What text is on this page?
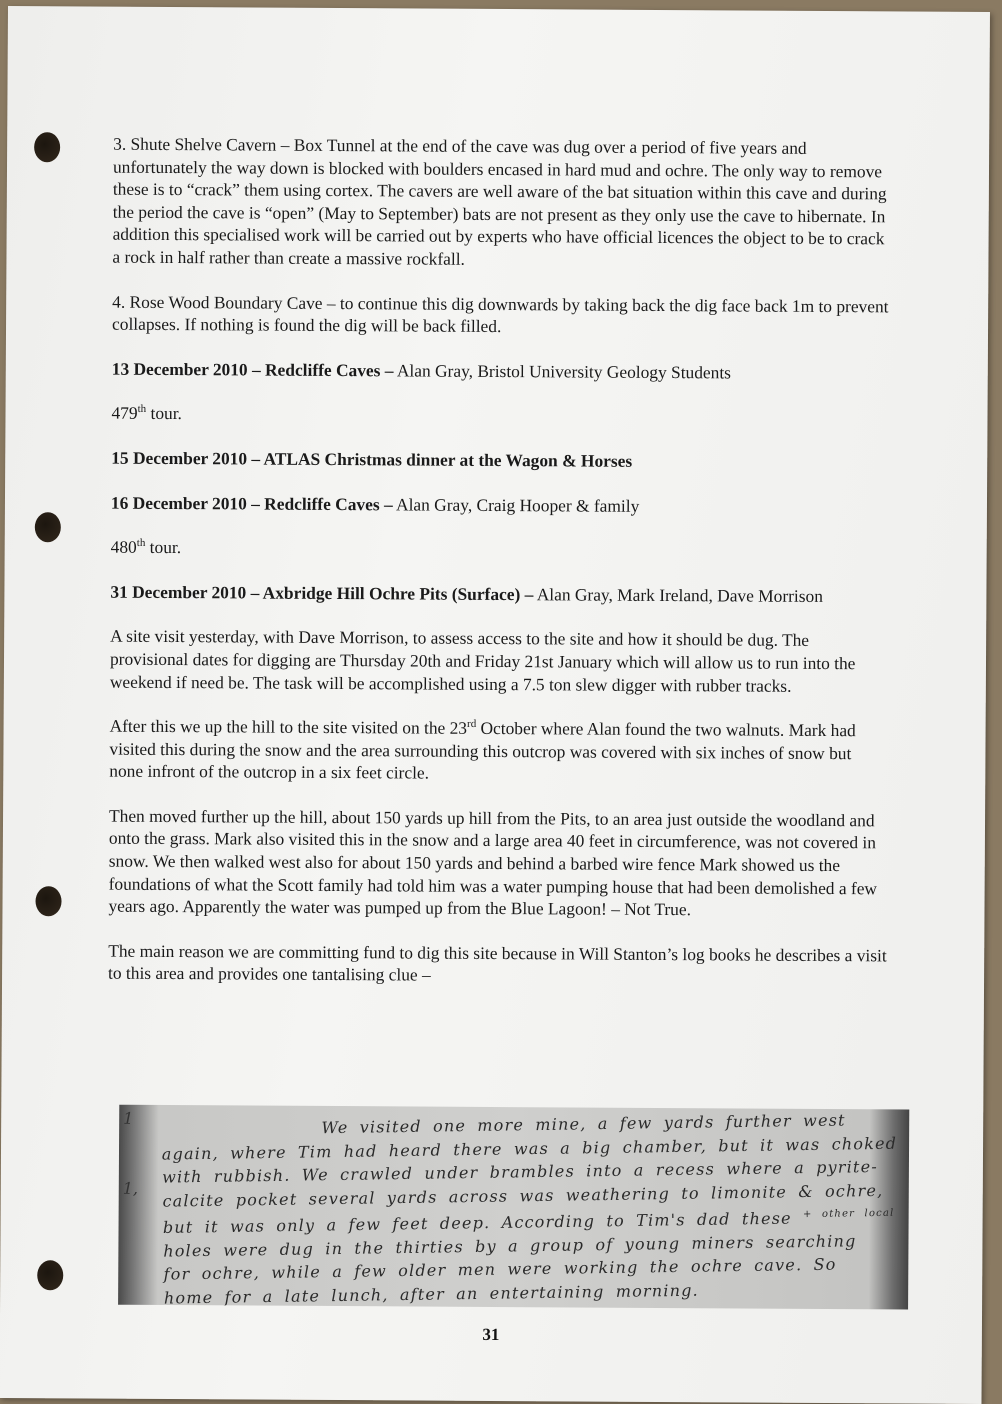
3. Shute Shelve Cavern – Box Tunnel at the end of the cave was dug over a period of five years and unfortunately the way down is blocked with boulders encased in hard mud and ochre. The only way to remove these is to “crack” them using cortex. The cavers are well aware of the bat situation within this cave and during the period the cave is “open” (May to September) bats are not present as they only use the cave to hibernate. In addition this specialised work will be carried out by experts who have official licences the object to be to crack a rock in half rather than create a massive rockfall.

4. Rose Wood Boundary Cave – to continue this dig downwards by taking back the dig face back 1m to prevent collapses. If nothing is found the dig will be back filled.

13 December 2010 – Redcliffe Caves – Alan Gray, Bristol University Geology Students

479th tour.

15 December 2010 – ATLAS Christmas dinner at the Wagon & Horses

16 December 2010 – Redcliffe Caves – Alan Gray, Craig Hooper & family

480th tour.

31 December 2010 – Axbridge Hill Ochre Pits (Surface) – Alan Gray, Mark Ireland, Dave Morrison

A site visit yesterday, with Dave Morrison, to assess access to the site and how it should be dug. The provisional dates for digging are Thursday 20th and Friday 21st January which will allow us to run into the weekend if need be. The task will be accomplished using a 7.5 ton slew digger with rubber tracks.

After this we up the hill to the site visited on the 23rd October where Alan found the two walnuts. Mark had visited this during the snow and the area surrounding this outcrop was covered with six inches of snow but none infront of the outcrop in a six feet circle.

Then moved further up the hill, about 150 yards up hill from the Pits, to an area just outside the woodland and onto the grass. Mark also visited this in the snow and a large area 40 feet in circumference, was not covered in snow. We then walked west also for about 150 yards and behind a barbed wire fence Mark showed us the foundations of what the Scott family had told him was a water pumping house that had been demolished a few years ago. Apparently the water was pumped up from the Blue Lagoon! – Not True.

The main reason we are committing fund to dig this site because in Will Stanton’s log books he describes a visit to this area and provides one tantalising clue –

1
1,
We visited one more mine, a few yards further west
again, where Tim had heard there was a big chamber, but it was choked
with rubbish. We crawled under brambles into a recess where a pyrite-
calcite pocket several yards across was weathering to limonite & ochre,
but it was only a few feet deep. According to Tim's dad these $^{+ other local}$
holes were dug in the thirties by a group of young miners searching
for ochre, while a few older men were working the ochre cave. So
home for a late lunch, after an entertaining morning.
31
